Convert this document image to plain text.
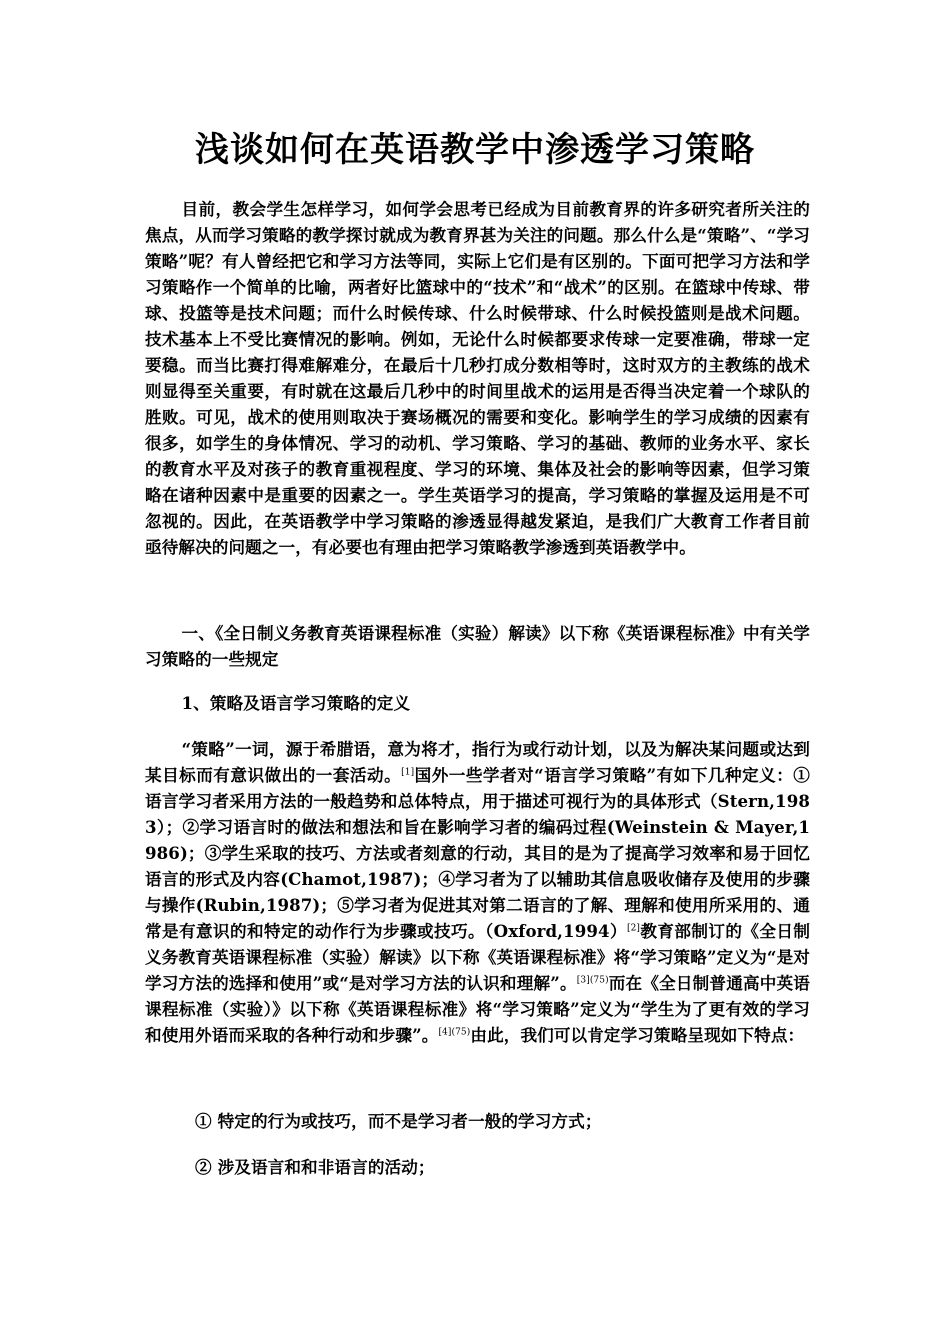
浅谈如何在英语教学中渗透学习策略
目前，教会学生怎样学习，如何学会思考已经成为目前教育界的许多研究者所关注的焦点，从而学习策略的教学探讨就成为教育界甚为关注的问题。那么什么是“策略”、“学习策略”呢？有人曾经把它和学习方法等同，实际上它们是有区别的。下面可把学习方法和学习策略作一个简单的比喻，两者好比篮球中的“技术”和“战术”的区别。在篮球中传球、带球、投篮等是技术问题；而什么时候传球、什么时候带球、什么时候投篮则是战术问题。技术基本上不受比赛情况的影响。例如，无论什么时候都要求传球一定要准确，带球一定要稳。而当比赛打得难解难分，在最后十几秒打成分数相等时，这时双方的主教练的战术则显得至关重要，有时就在这最后几秒中的时间里战术的运用是否得当决定着一个球队的胜败。可见，战术的使用则取决于赛场概况的需要和变化。影响学生的学习成绩的因素有很多，如学生的身体情况、学习的动机、学习策略、学习的基础、教师的业务水平、家长的教育水平及对孩子的教育重视程度、学习的环境、集体及社会的影响等因素，但学习策略在诸种因素中是重要的因素之一。学生英语学习的提高，学习策略的掌握及运用是不可忽视的。因此，在英语教学中学习策略的渗透显得越发紧迫，是我们广大教育工作者目前亟待解决的问题之一，有必要也有理由把学习策略教学渗透到英语教学中。
一、《全日制义务教育英语课程标准（实验）解读》以下称《英语课程标准》中有关学习策略的一些规定
1、策略及语言学习策略的定义
“策略”一词，源于希腊语，意为将才，指行为或行动计划，以及为解决某问题或达到某目标而有意识做出的一套活动。[1]国外一些学者对“语言学习策略”有如下几种定义：①语言学习者采用方法的一般趋势和总体特点，用于描述可视行为的具体形式（Stern,1983）；②学习语言时的做法和想法和旨在影响学习者的编码过程(Weinstein & Mayer,1986)；③学生采取的技巧、方法或者刻意的行动，其目的是为了提高学习效率和易于回忆语言的形式及内容(Chamot,1987)；④学习者为了以辅助其信息吸收储存及使用的步骤与操作(Rubin,1987)；⑤学习者为促进其对第二语言的了解、理解和使用所采用的、通常是有意识的和特定的动作行为步骤或技巧。（Oxford,1994）[2]教育部制订的《全日制义务教育英语课程标准（实验）解读》以下称《英语课程标准》将“学习策略”定义为“是对学习方法的选择和使用”或“是对学习方法的认识和理解”。$^{[3](75)}$而在《全日制普通高中英语课程标准（实验）》以下称《英语课程标准》将“学习策略”定义为“学生为了更有效的学习和使用外语而采取的各种行动和步骤”。$^{[4](75)}$由此，我们可以肯定学习策略呈现如下特点：
① 特定的行为或技巧，而不是学习者一般的学习方式；
② 涉及语言和和非语言的活动；
